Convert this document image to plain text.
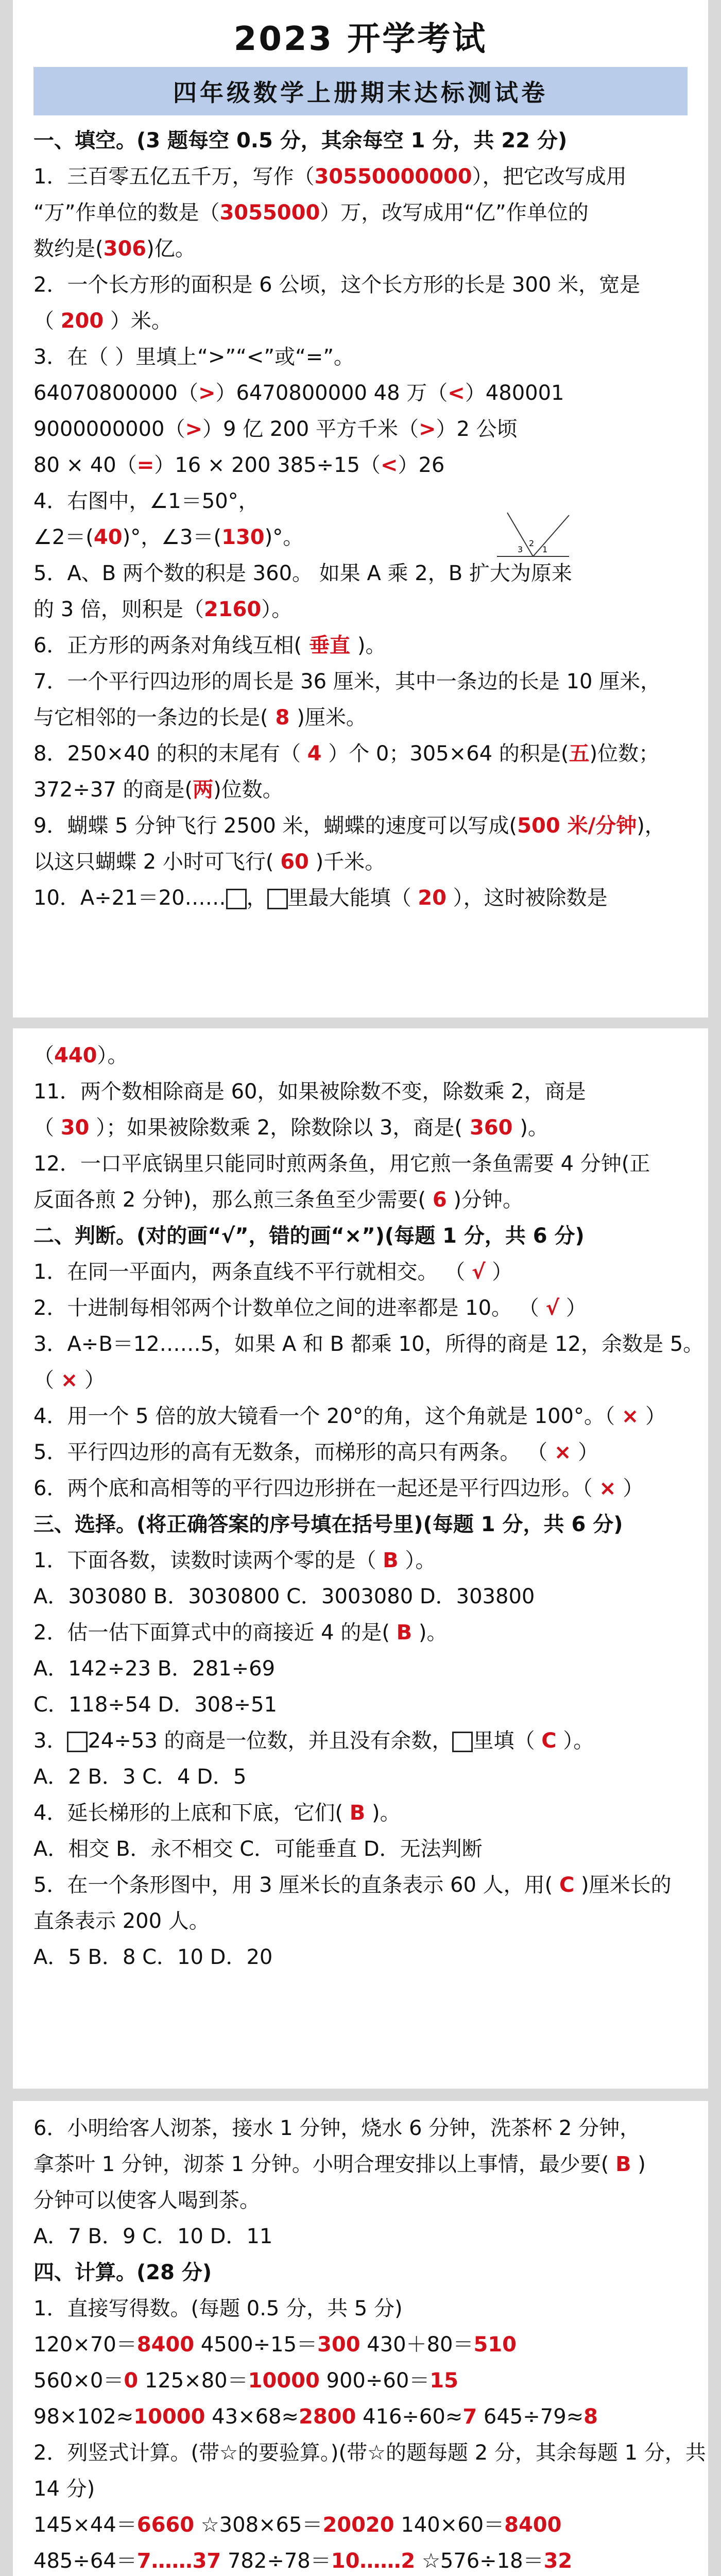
2023 开学考试
四年级数学上册期末达标测试卷
一、填空。(3 题每空 0.5 分，其余每空 1 分，共 22 分)
1．三百零五亿五千万，写作（30550000000），把它改写成用
“万”作单位的数是（3055000）万，改写成用“亿”作单位的
数约是(306)亿。
2．一个长方形的面积是 6 公顷，这个长方形的长是 300 米，宽是
（ 200 ）米。
3．在（ ）里填上“>”“<”或“=”。
64070800000（>）6470800000 48 万（<）480001
9000000000（>）9 亿 200 平方千米（>）2 公顷
80 × 40（=）16 × 200 385÷15（<）26
4．右图中，∠1＝50°，
∠2＝(40)°，∠3＝(130)°。
5．A、B 两个数的积是 360。 如果 A 乘 2，B 扩大为原来
的 3 倍，则积是（2160）。
6．正方形的两条对角线互相( 垂直 )。
7．一个平行四边形的周长是 36 厘米，其中一条边的长是 10 厘米，
与它相邻的一条边的长是( 8 )厘米。
8．250×40 的积的末尾有（ 4 ）个 0；305×64 的积是(五)位数；
372÷37 的商是(两)位数。
9．蝴蝶 5 分钟飞行 2500 米，蝴蝶的速度可以写成(500 米/分钟)，
以这只蝴蝶 2 小时可飞行( 60 )千米。
10．A÷21＝20…… ， 里最大能填（ 20 ），这时被除数是
1
2
3
（440）。
11．两个数相除商是 60，如果被除数不变，除数乘 2，商是
（ 30 ）；如果被除数乘 2，除数除以 3，商是( 360 )。
12．一口平底锅里只能同时煎两条鱼，用它煎一条鱼需要 4 分钟(正
反面各煎 2 分钟)，那么煎三条鱼至少需要( 6 )分钟。
二、判断。(对的画“√”，错的画“×”)(每题 1 分，共 6 分)
1．在同一平面内，两条直线不平行就相交。 （ √ ）
2．十进制每相邻两个计数单位之间的进率都是 10。 （ √ ）
3．A÷B＝12……5，如果 A 和 B 都乘 10，所得的商是 12，余数是 5。
（ × ）
4．用一个 5 倍的放大镜看一个 20°的角，这个角就是 100°。（ × ）
5．平行四边形的高有无数条，而梯形的高只有两条。 （ × ）
6．两个底和高相等的平行四边形拼在一起还是平行四边形。（ × ）
三、选择。(将正确答案的序号填在括号里)(每题 1 分，共 6 分)
1．下面各数，读数时读两个零的是（ B ）。
A．303080 B．3030800 C．3003080 D．303800
2．估一估下面算式中的商接近 4 的是( B )。
A．142÷23 B．281÷69
C．118÷54 D．308÷51
3． 24÷53 的商是一位数，并且没有余数， 里填（ C ）。
A．2 B．3 C．4 D．5
4．延长梯形的上底和下底，它们( B )。
A．相交 B．永不相交 C．可能垂直 D．无法判断
5．在一个条形图中，用 3 厘米长的直条表示 60 人，用( C )厘米长的
直条表示 200 人。
A．5 B．8 C．10 D．20
6．小明给客人沏茶，接水 1 分钟，烧水 6 分钟，洗茶杯 2 分钟，
拿茶叶 1 分钟，沏茶 1 分钟。小明合理安排以上事情，最少要( B )
分钟可以使客人喝到茶。
A．7 B．9 C．10 D．11
四、计算。(28 分)
1．直接写得数。(每题 0.5 分，共 5 分)
120×70＝8400 4500÷15＝300 430＋80＝510
560×0＝0 125×80＝10000 900÷60＝15
98×102≈10000 43×68≈2800 416÷60≈7 645÷79≈8
2．列竖式计算。(带☆的要验算。)(带☆的题每题 2 分，其余每题 1 分，共
14 分)
145×44＝6660 ☆308×65＝20020 140×60＝8400
485÷64＝7……37 782÷78＝10……2 ☆576÷18＝32
